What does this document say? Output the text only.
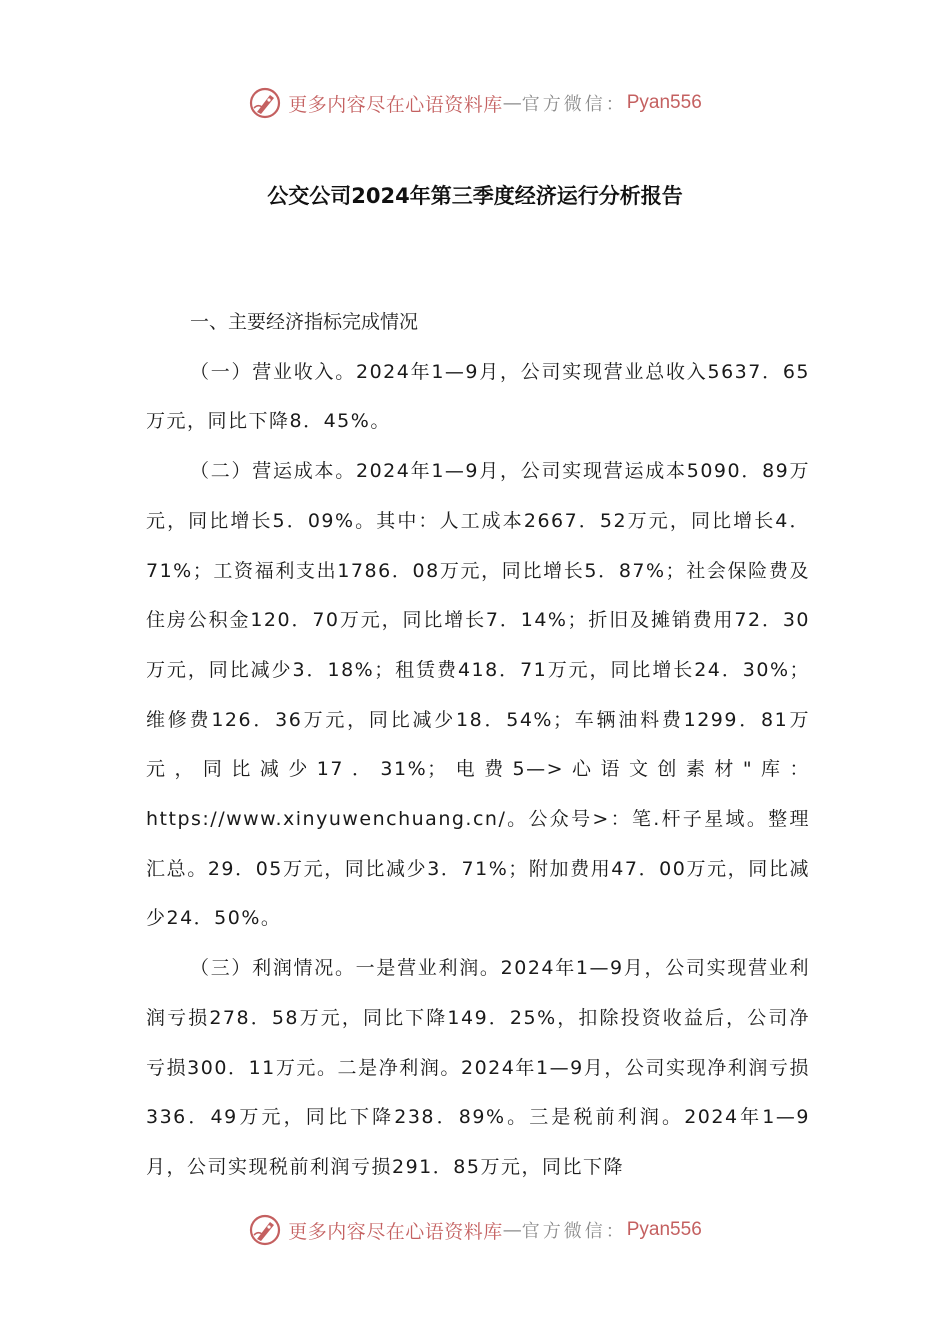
更多内容尽在心语资料库 — 官方微信： Pyan556
公交公司2024年第三季度经济运行分析报告
一、主要经济指标完成情况

（一）营业收入。2024年1—9月，公司实现营业总收入5637．65万元，同比下降8．45%。

（二）营运成本。2024年1—9月，公司实现营运成本5090．89万元，同比增长5．09%。其中：人工成本2667．52万元，同比增长4．71%；工资福利支出1786．08万元，同比增长5．87%；社会保险费及住房公积金120．70万元，同比增长7．14%；折旧及摊销费用72．30万元，同比减少3．18%；租赁费418．71万元，同比增长24．30%；维修费126．36万元，同比减少18．54%；车辆油料费1299．81万元，同比减少17．31%；电费5—>心语文创素材"库：https://www.xinyuwenchuang.cn/。公众号>：笔.杆子星域。整理汇总。29．05万元，同比减少3．71%；附加费用47．00万元，同比减少24．50%。

（三）利润情况。一是营业利润。2024年1—9月，公司实现营业利润亏损278．58万元，同比下降149．25%，扣除投资收益后，公司净亏损300．11万元。二是净利润。2024年1—9月，公司实现净利润亏损336．49万元，同比下降238．89%。三是税前利润。2024年1—9月，公司实现税前利润亏损291．85万元，同比下降

更多内容尽在心语资料库 — 官方微信： Pyan556
